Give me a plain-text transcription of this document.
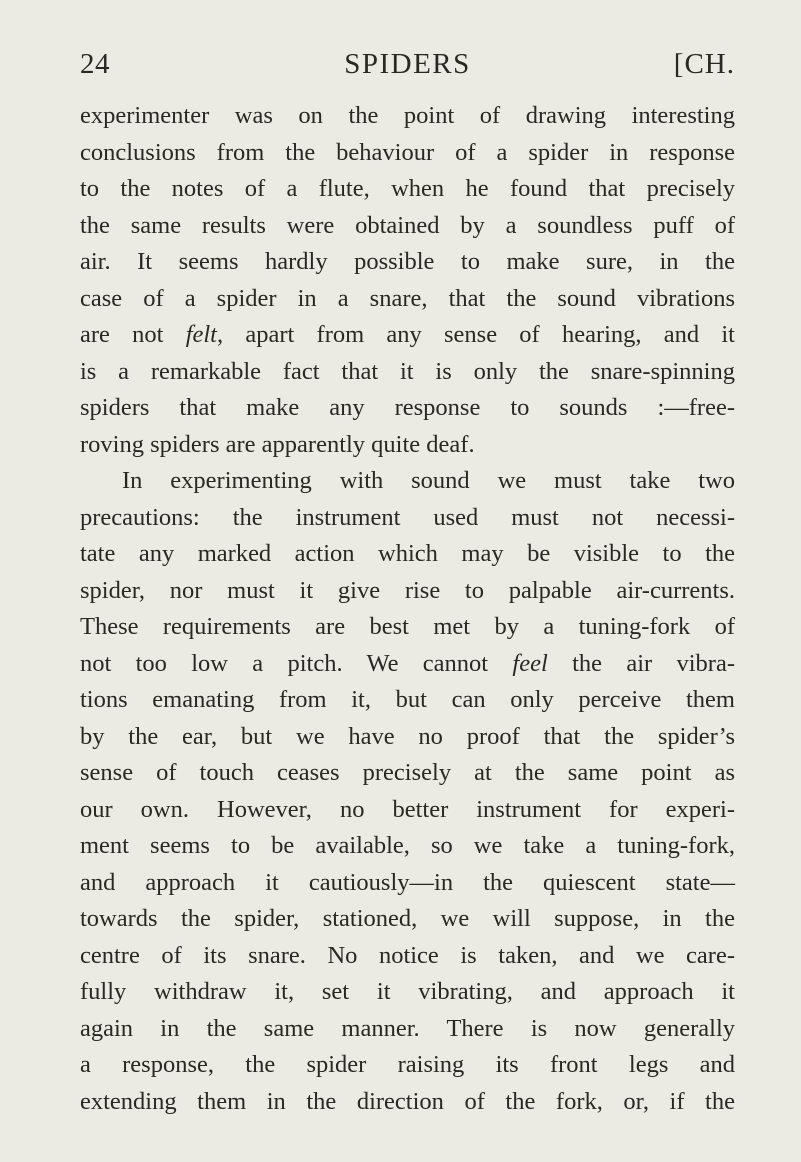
24	SPIDERS	[CH.
experimenter was on the point of drawing interesting
conclusions from the behaviour of a spider in response
to the notes of a flute, when he found that precisely
the same results were obtained by a soundless puff of
air. It seems hardly possible to make sure, in the
case of a spider in a snare, that the sound vibrations
are not felt, apart from any sense of hearing, and it
is a remarkable fact that it is only the snare-spinning
spiders that make any response to sounds :—free-
roving spiders are apparently quite deaf.
In experimenting with sound we must take two
precautions: the instrument used must not necessi-
tate any marked action which may be visible to the
spider, nor must it give rise to palpable air-currents.
These requirements are best met by a tuning-fork of
not too low a pitch. We cannot feel the air vibra-
tions emanating from it, but can only perceive them
by the ear, but we have no proof that the spider’s
sense of touch ceases precisely at the same point as
our own. However, no better instrument for experi-
ment seems to be available, so we take a tuning-fork,
and approach it cautiously—in the quiescent state—
towards the spider, stationed, we will suppose, in the
centre of its snare. No notice is taken, and we care-
fully withdraw it, set it vibrating, and approach it
again in the same manner. There is now generally
a response, the spider raising its front legs and
extending them in the direction of the fork, or, if the
